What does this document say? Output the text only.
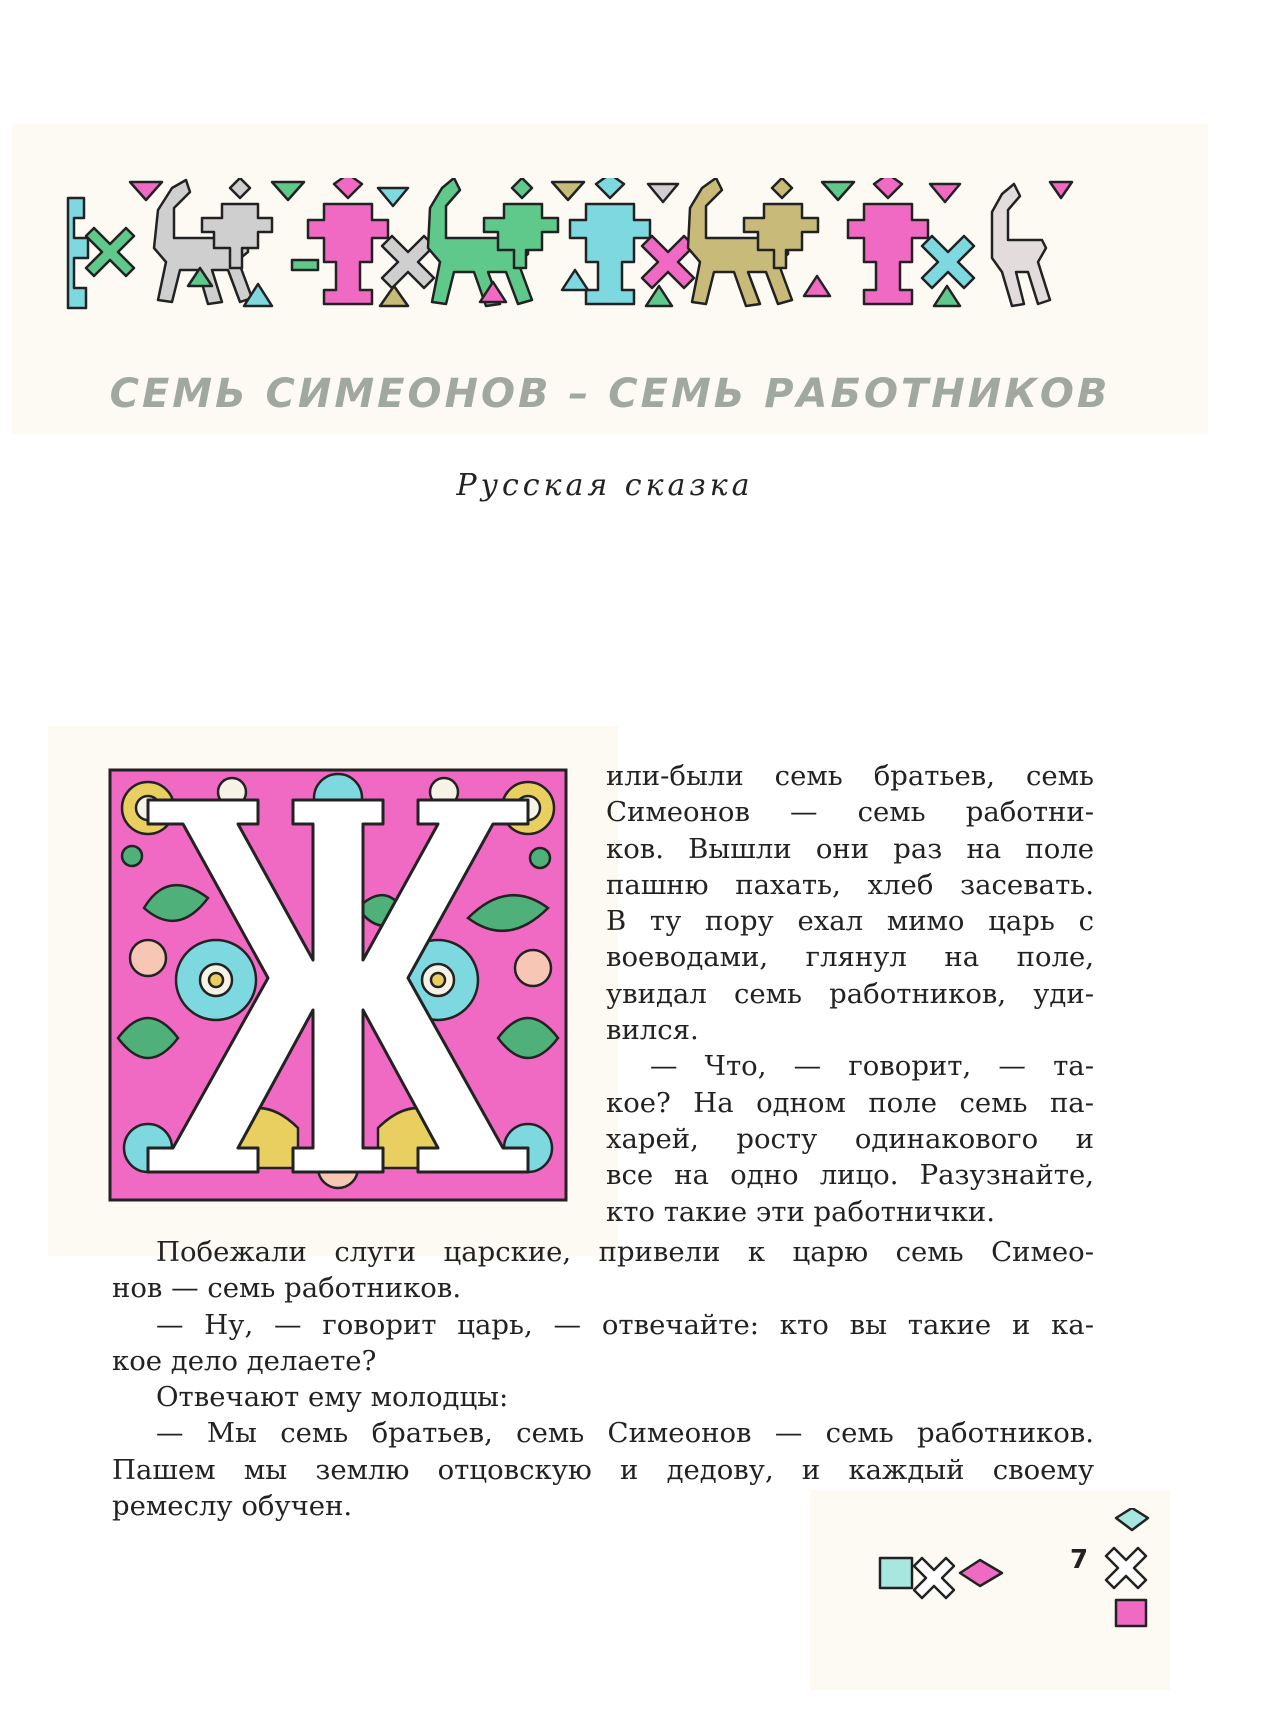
СЕМЬ СИМЕОНОВ – СЕМЬ РАБОТНИКОВ
Русская сказка

или-были семь братьев, семь

Симеонов — семь работни-

ков. Вышли они раз на поле

пашню пахать, хлеб засевать.

В ту пору ехал мимо царь с

воеводами, глянул на поле,

увидал семь работников, уди-

вился.

— Что, — говорит, — та-

кое? На одном поле семь па-

харей, росту одинакового и

все на одно лицо. Разузнайте,

кто такие эти работнички.

Побежали слуги царские, привели к царю семь Симео-

нов — семь работников.

— Ну, — говорит царь, — отвечайте: кто вы такие и ка-

кое дело делаете?

Отвечают ему молодцы:

— Мы семь братьев, семь Симеонов — семь работников.

Пашем мы землю отцовскую и дедову, и каждый своему

ремеслу обучен.

7
